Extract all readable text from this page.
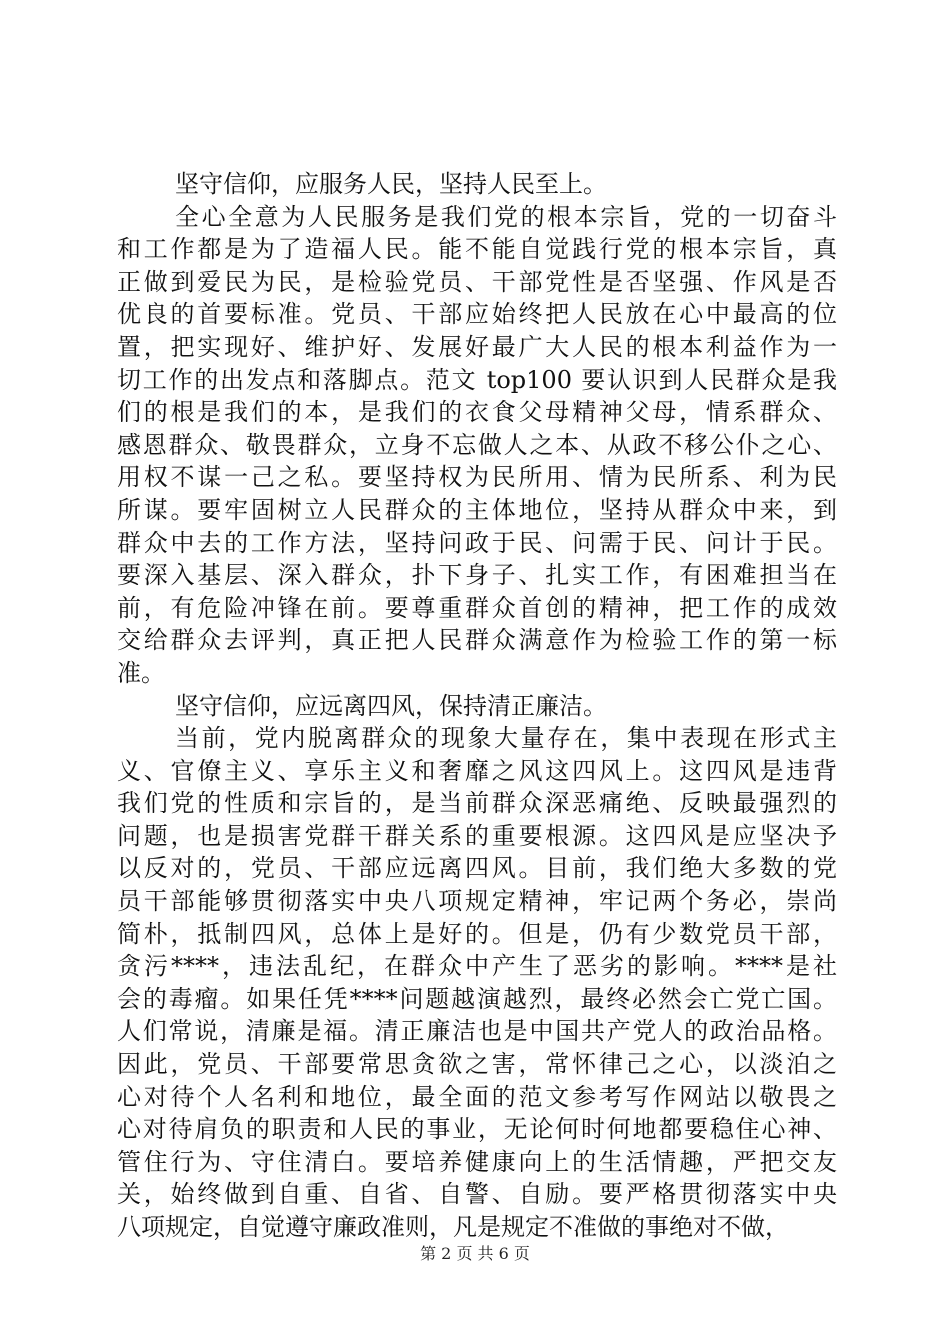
坚守信仰，应服务人民，坚持人民至上。
全心全意为人民服务是我们党的根本宗旨，党的一切奋斗
和工作都是为了造福人民。能不能自觉践行党的根本宗旨，真
正做到爱民为民，是检验党员、干部党性是否坚强、作风是否
优良的首要标准。党员、干部应始终把人民放在心中最高的位
置，把实现好、维护好、发展好最广大人民的根本利益作为一
切工作的出发点和落脚点。范文 top100 要认识到人民群众是我
们的根是我们的本，是我们的衣食父母精神父母，情系群众、
感恩群众、敬畏群众，立身不忘做人之本、从政不移公仆之心、
用权不谋一己之私。要坚持权为民所用、情为民所系、利为民
所谋。要牢固树立人民群众的主体地位，坚持从群众中来，到
群众中去的工作方法，坚持问政于民、问需于民、问计于民。
要深入基层、深入群众，扑下身子、扎实工作，有困难担当在
前，有危险冲锋在前。要尊重群众首创的精神，把工作的成效
交给群众去评判，真正把人民群众满意作为检验工作的第一标
准。
坚守信仰，应远离四风，保持清正廉洁。
当前，党内脱离群众的现象大量存在，集中表现在形式主
义、官僚主义、享乐主义和奢靡之风这四风上。这四风是违背
我们党的性质和宗旨的，是当前群众深恶痛绝、反映最强烈的
问题，也是损害党群干群关系的重要根源。这四风是应坚决予
以反对的，党员、干部应远离四风。目前，我们绝大多数的党
员干部能够贯彻落实中央八项规定精神，牢记两个务必，崇尚
简朴，抵制四风，总体上是好的。但是，仍有少数党员干部，
贪污****，违法乱纪，在群众中产生了恶劣的影响。****是社
会的毒瘤。如果任凭****问题越演越烈，最终必然会亡党亡国。
人们常说，清廉是福。清正廉洁也是中国共产党人的政治品格。
因此，党员、干部要常思贪欲之害，常怀律己之心，以淡泊之
心对待个人名利和地位，最全面的范文参考写作网站以敬畏之
心对待肩负的职责和人民的事业，无论何时何地都要稳住心神、
管住行为、守住清白。要培养健康向上的生活情趣，严把交友
关，始终做到自重、自省、自警、自励。要严格贯彻落实中央
八项规定，自觉遵守廉政准则，凡是规定不准做的事绝对不做，
第 2 页 共 6 页
